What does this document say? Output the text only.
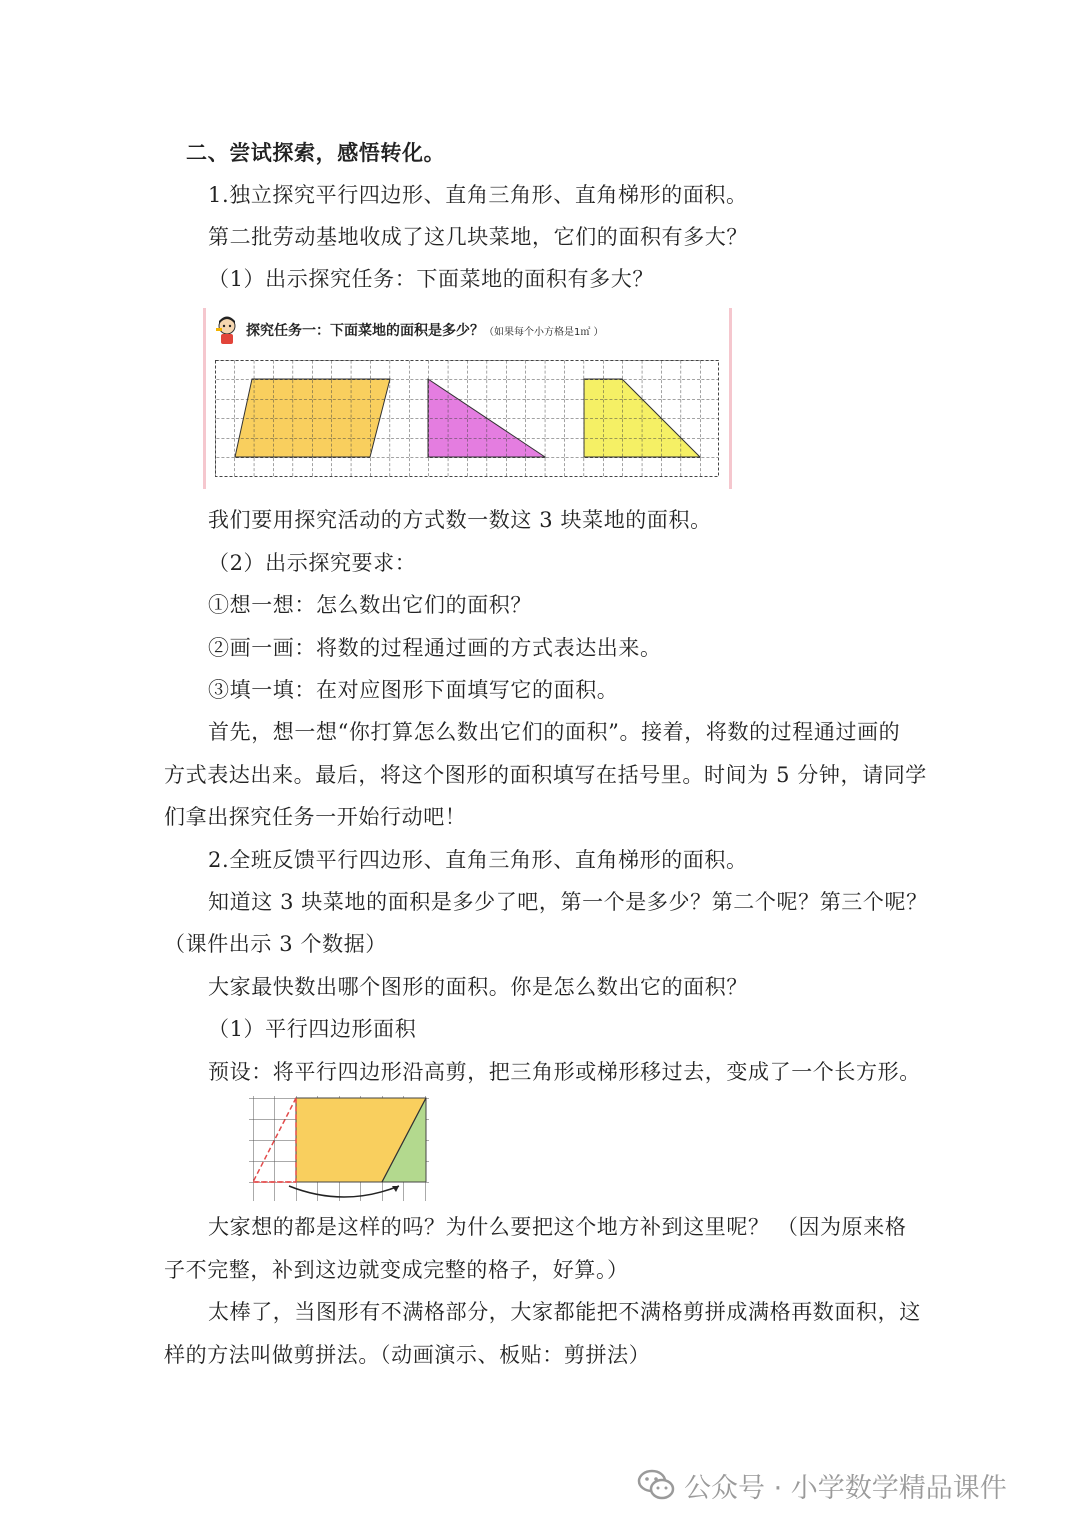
二、尝试探索，感悟转化。
1.独立探究平行四边形、直角三角形、直角梯形的面积。
第二批劳动基地收成了这几块菜地，它们的面积有多大？
（1）出示探究任务：下面菜地的面积有多大？
探究任务一：下面菜地的面积是多少？（如果每个小方格是1㎡ ）
我们要用探究活动的方式数一数这 3 块菜地的面积。
（2）出示探究要求：
①想一想：怎么数出它们的面积？
②画一画：将数的过程通过画的方式表达出来。
③填一填：在对应图形下面填写它的面积。
首先，想一想“你打算怎么数出它们的面积”。接着，将数的过程通过画的
方式表达出来。最后，将这个图形的面积填写在括号里。时间为 5 分钟，请同学
们拿出探究任务一开始行动吧！
2.全班反馈平行四边形、直角三角形、直角梯形的面积。
知道这 3 块菜地的面积是多少了吧，第一个是多少？第二个呢？第三个呢？
（课件出示 3 个数据）
大家最快数出哪个图形的面积。你是怎么数出它的面积？
（1）平行四边形面积
预设：将平行四边形沿高剪，把三角形或梯形移过去，变成了一个长方形。
大家想的都是这样的吗？为什么要把这个地方补到这里呢？ （因为原来格
子不完整，补到这边就变成完整的格子，好算。）
太棒了，当图形有不满格部分，大家都能把不满格剪拼成满格再数面积，这
样的方法叫做剪拼法。（动画演示、板贴：剪拼法）
公众号 · 小学数学精品课件
